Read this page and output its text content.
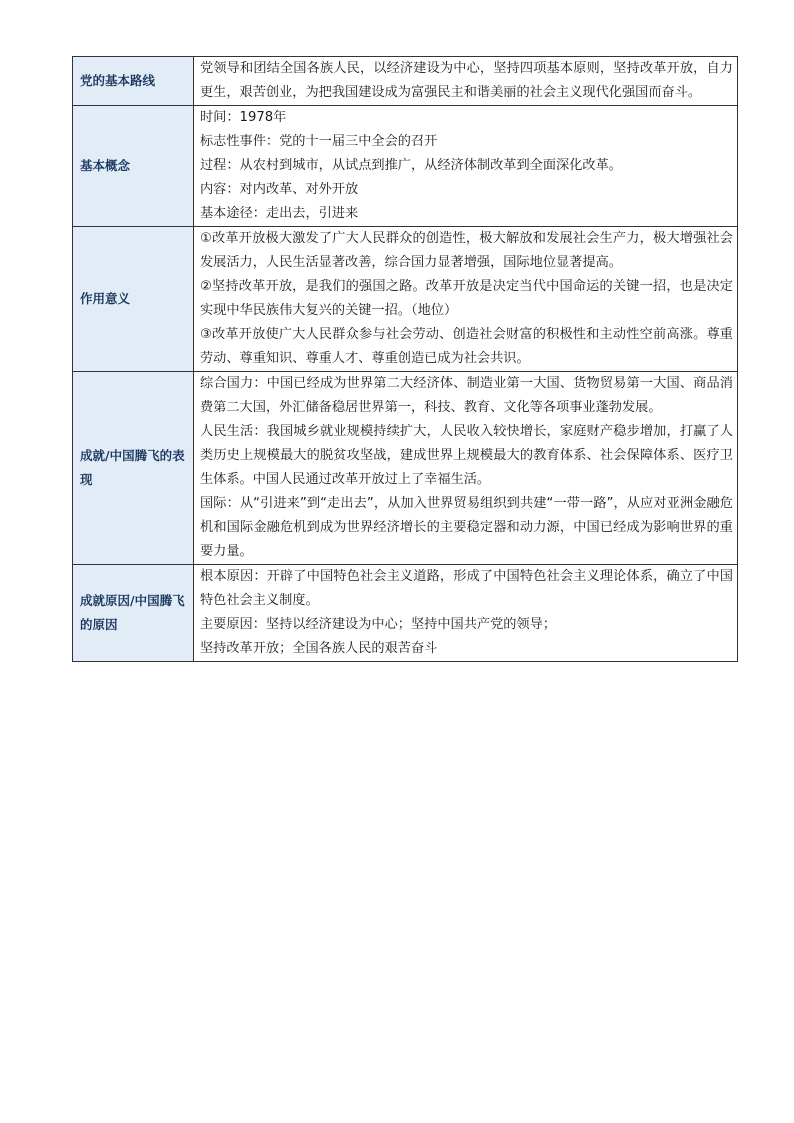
党的基本路线	党领导和团结全国各族人民，以经济建设为中心，坚持四项基本原则，坚持改革开放，自力更生，艰苦创业，为把我国建设成为富强民主和谐美丽的社会主义现代化强国而奋斗。

基本概念	时间：1978年
标志性事件：党的十一届三中全会的召开
过程：从农村到城市，从试点到推广，从经济体制改革到全面深化改革。
内容：对内改革、对外开放
基本途径：走出去，引进来

作用意义	①改革开放极大激发了广大人民群众的创造性，极大解放和发展社会生产力，极大增强社会发展活力，人民生活显著改善，综合国力显著增强，国际地位显著提高。
②坚持改革开放，是我们的强国之路。改革开放是决定当代中国命运的关键一招，也是决定实现中华民族伟大复兴的关键一招。（地位）
③改革开放使广大人民群众参与社会劳动、创造社会财富的积极性和主动性空前高涨。尊重劳动、尊重知识、尊重人才、尊重创造已成为社会共识。

成就/中国腾飞的表现	综合国力：中国已经成为世界第二大经济体、制造业第一大国、货物贸易第一大国、商品消费第二大国，外汇储备稳居世界第一，科技、教育、文化等各项事业蓬勃发展。
人民生活：我国城乡就业规模持续扩大，人民收入较快增长，家庭财产稳步增加，打赢了人类历史上规模最大的脱贫攻坚战，建成世界上规模最大的教育体系、社会保障体系、医疗卫生体系。中国人民通过改革开放过上了幸福生活。
国际：从“引进来”到“走出去”，从加入世界贸易组织到共建“一带一路”，从应对亚洲金融危机和国际金融危机到成为世界经济增长的主要稳定器和动力源，中国已经成为影响世界的重要力量。

成就原因/中国腾飞的原因	根本原因：开辟了中国特色社会主义道路，形成了中国特色社会主义理论体系，确立了中国特色社会主义制度。
主要原因：坚持以经济建设为中心；坚持中国共产党的领导；
坚持改革开放；全国各族人民的艰苦奋斗
